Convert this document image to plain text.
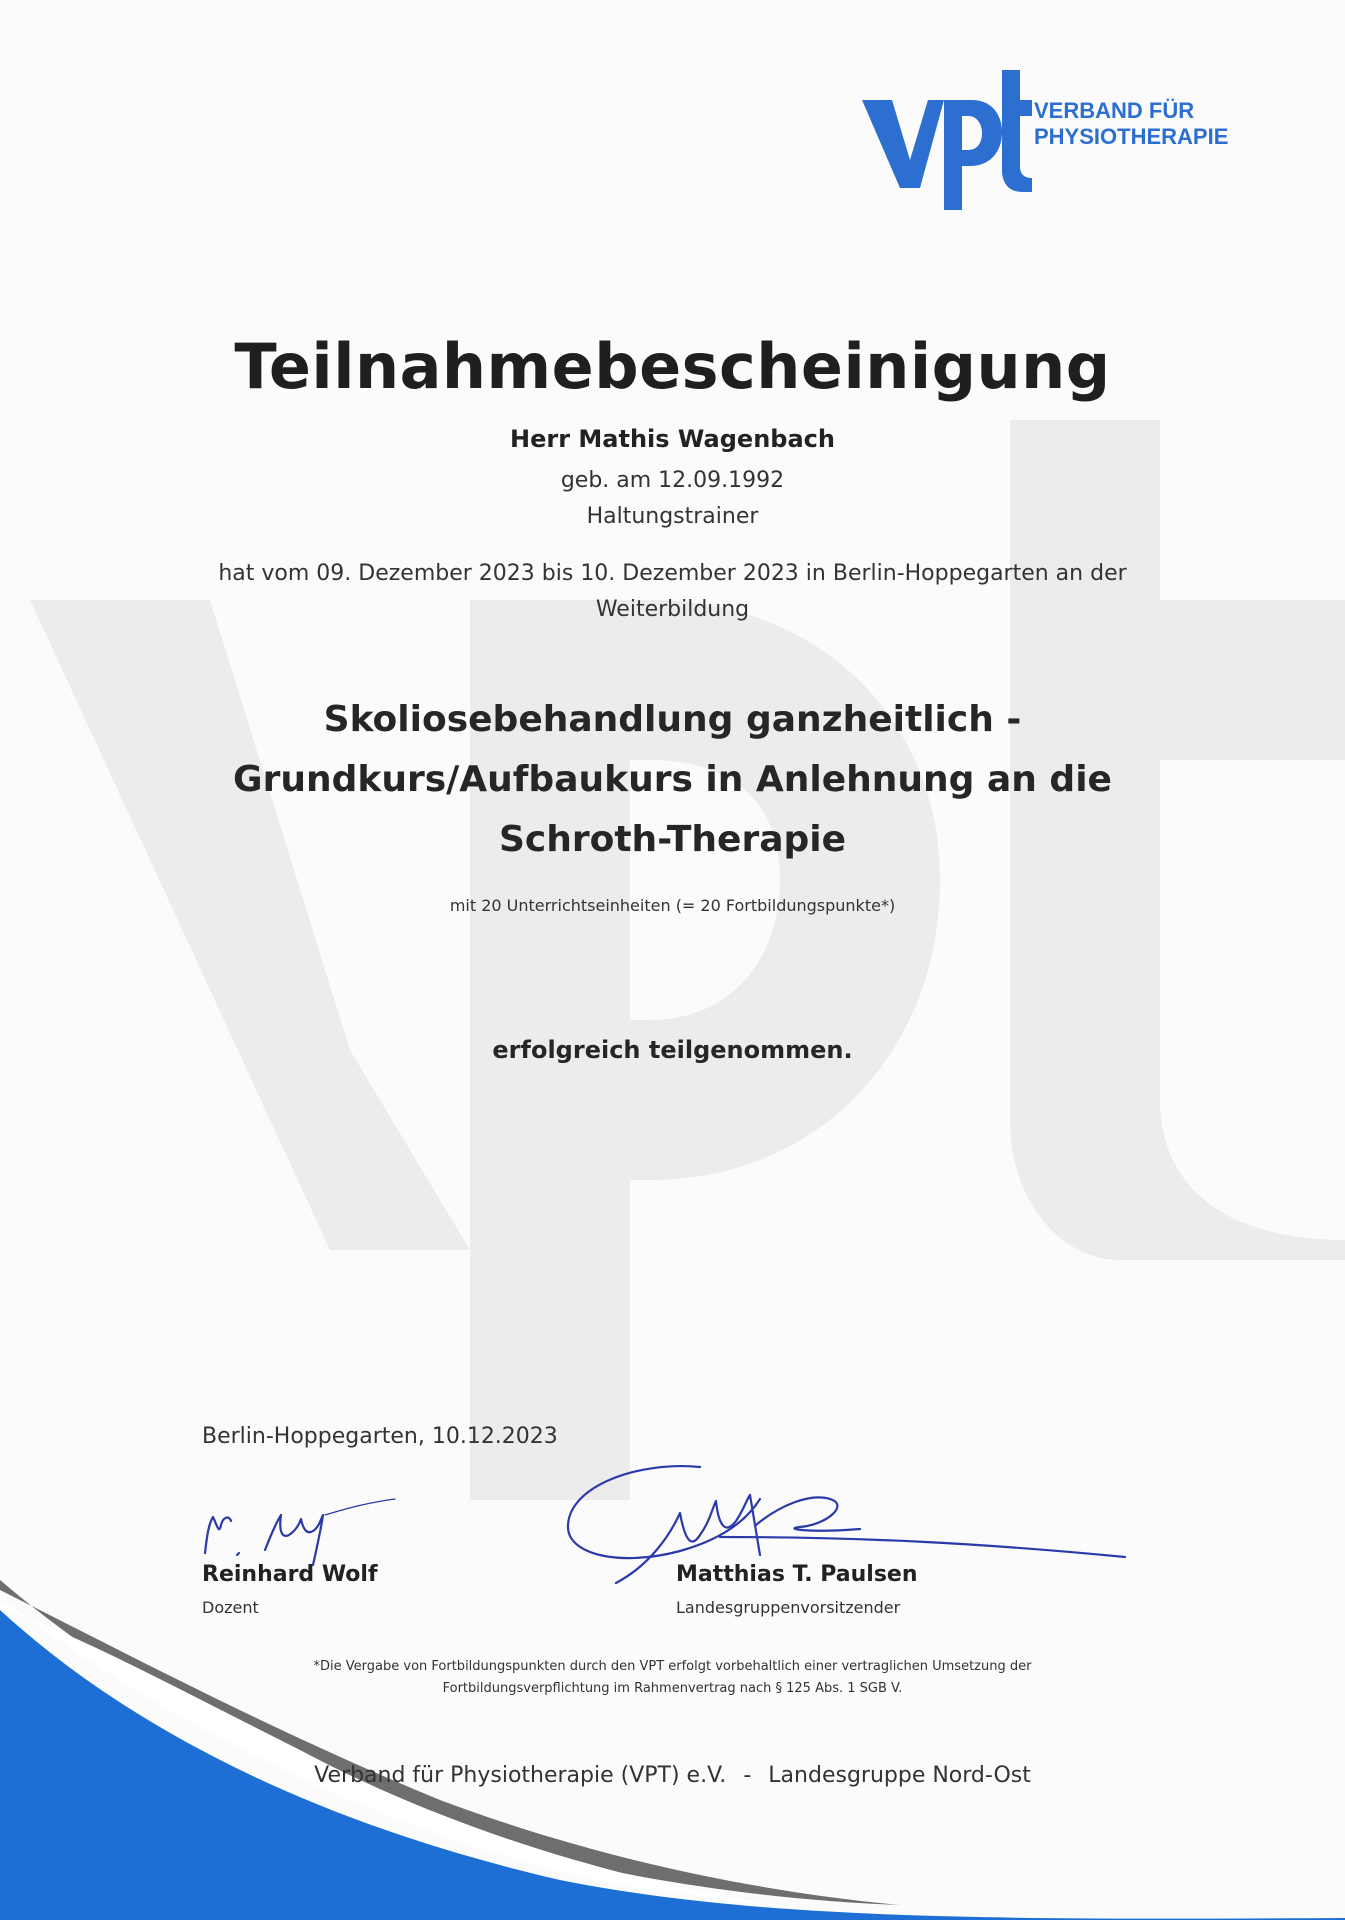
VERBAND FÜR
PHYSIOTHERAPIE
Teilnahmebescheinigung
Herr Mathis Wagenbach
geb. am 12.09.1992
Haltungstrainer
hat vom 09. Dezember 2023 bis 10. Dezember 2023 in Berlin-Hoppegarten an der Weiterbildung
Skoliosebehandlung ganzheitlich -
Grundkurs/Aufbaukurs in Anlehnung an die
Schroth-Therapie
mit 20 Unterrichtseinheiten (= 20 Fortbildungspunkte*)
erfolgreich teilgenommen.
Berlin-Hoppegarten, 10.12.2023
Reinhard Wolf
Dozent
Matthias T. Paulsen
Landesgruppenvorsitzender
*Die Vergabe von Fortbildungspunkten durch den VPT erfolgt vorbehaltlich einer vertraglichen Umsetzung der Fortbildungsverpflichtung im Rahmenvertrag nach § 125 Abs. 1 SGB V.
Verband für Physiotherapie (VPT) e.V. - Landesgruppe Nord-Ost
